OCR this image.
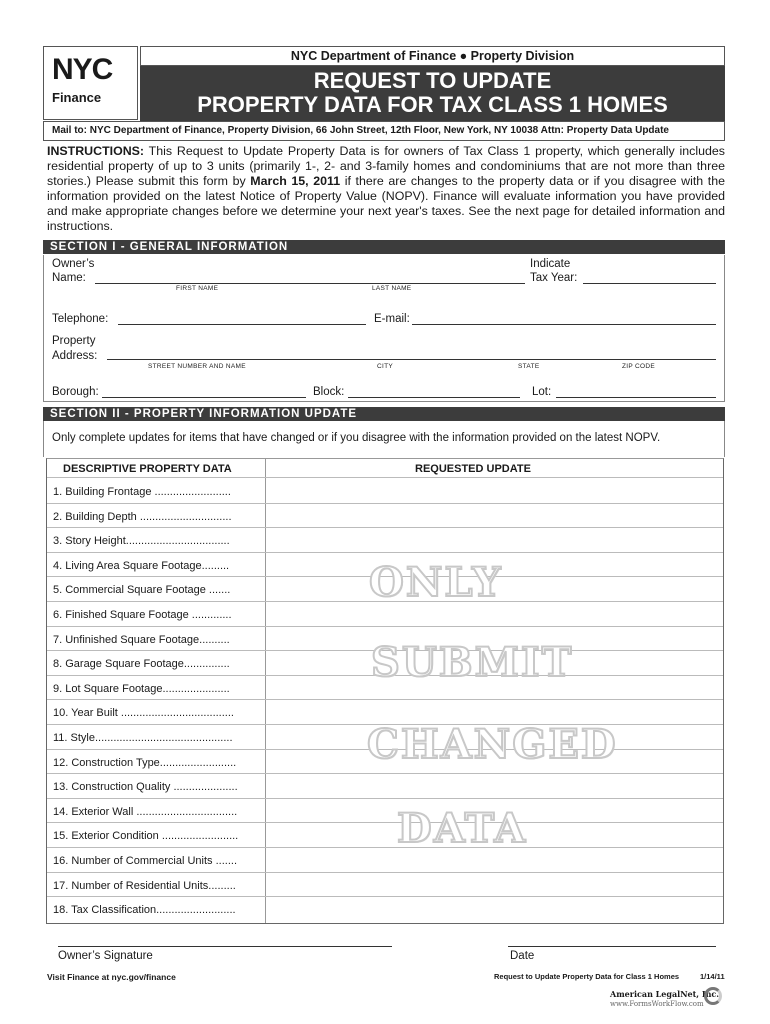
NYC
Finance
NYC Department of Finance ● Property Division
REQUEST TO UPDATE
PROPERTY DATA FOR TAX CLASS 1 HOMES
Mail to: NYC Department of Finance, Property Division, 66 John Street, 12th Floor, New York, NY 10038 Attn: Property Data Update
INSTRUCTIONS: This Request to Update Property Data is for owners of Tax Class 1 property, which generally includes residential property of up to 3 units (primarily 1-, 2- and 3-family homes and condominiums that are not more than three stories.) Please submit this form by March 15, 2011 if there are changes to the property data or if you disagree with the information provided on the latest Notice of Property Value (NOPV). Finance will evaluate information you have provided and make appropriate changes before we determine your next year's taxes. See the next page for detailed information and instructions.
SECTION I - GENERAL INFORMATION
Owner’s
Name:
FIRST NAME	LAST NAME
Indicate
Tax Year:
Telephone:	E-mail:
Property
Address:
STREET NUMBER AND NAME	CITY	STATE	ZIP CODE
Borough:	Block:	Lot:
SECTION II - PROPERTY INFORMATION UPDATE
Only complete updates for items that have changed or if you disagree with the information provided on the latest NOPV.
DESCRIPTIVE PROPERTY DATA	REQUESTED UPDATE
1. Building Frontage .........................
2. Building Depth ..............................
3. Story Height..................................
4. Living Area Square Footage.........
5. Commercial Square Footage .......
6. Finished Square Footage .............
7. Unfinished Square Footage..........
8. Garage Square Footage...............
9. Lot Square Footage......................
10. Year Built .....................................
11. Style.............................................
12. Construction Type.........................
13. Construction Quality .....................
14. Exterior Wall .................................
15. Exterior Condition .........................
16. Number of Commercial Units .......
17. Number of Residential Units.........
18. Tax Classification..........................
ONLY
SUBMIT
CHANGED
DATA
Owner’s Signature	Date
Visit Finance at nyc.gov/finance	Request to Update Property Data for Class 1 Homes	1/14/11
American LegalNet, Inc.
www.FormsWorkFlow.com
